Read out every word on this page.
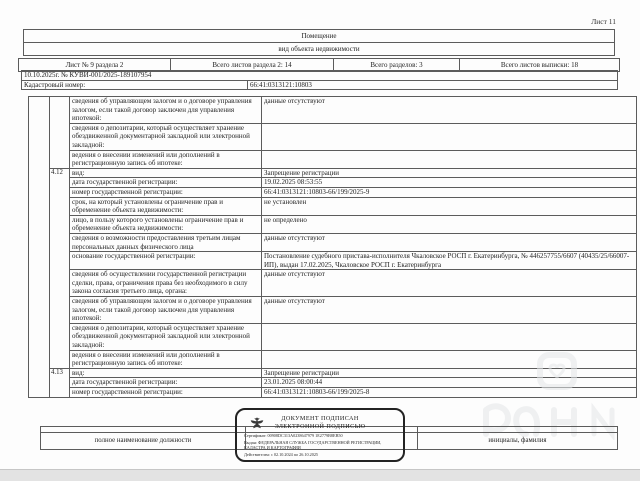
Лист 11
Помещение
вид объекта недвижимости
Лист № 9 раздела 2	Всего листов раздела 2: 14	Всего разделов: 3	Всего листов выписки: 18
10.10.2025г. № КУВИ-001/2025-189107954
Кадастровый номер:	66:41:0313121:10803
		сведения об управляющем залогом и о договоре управления залогом, если такой договор заключен для управления ипотекой:	данные отсутствуют
		сведения о депозитарии, который осуществляет хранение обездвиженной документарной закладной или электронной закладной:	
		ведения о внесении изменений или дополнений в регистрационную запись об ипотеке:	
	4.12	вид:	Запрещение регистрации
		дата государственной регистрации:	19.02.2025 08:53:55
		номер государственной регистрации:	66:41:0313121:10803-66/199/2025-9
		срок, на который установлены ограничение прав и обременение объекта недвижимости:	не установлен
		лицо, в пользу которого установлены ограничение прав и обременение объекта недвижимости:	не определено
		сведения о возможности предоставления третьим лицам персональных данных физического лица	данные отсутствуют
		основание государственной регистрации:	Постановление судебного пристава-исполнителя Чкаловское РОСП г. Екатеринбурга, № 446257755/6607 (40435/25/66007-ИП), выдан 17.02.2025, Чкаловское РОСП г. Екатеринбурга
		сведения об осуществлении государственной регистрации сделки, права, ограничения права без необходимого в силу закона согласия третьего лица, органа:	данные отсутствуют
		сведения об управляющем залогом и о договоре управления залогом, если такой договор заключен для управления ипотекой:	данные отсутствуют
		сведения о депозитарии, который осуществляет хранение обездвиженной документарной закладной или электронной закладной:	
		ведения о внесении изменений или дополнений в регистрационную запись об ипотеке:	
	4.13	вид:	Запрещение регистрации
		дата государственной регистрации:	23.01.2025 08:00:44
		номер государственной регистрации:	66:41:0313121:10803-66/199/2025-8

полное наименование должности		инициалы, фамилия
ДОКУМЕНТ ПОДПИСАН
ЭЛЕКТРОННОЙ ПОДПИСЬЮ
Сертификат: 00908DC313A0238647979 1E2779B8EB50
Выдан: ФЕДЕРАЛЬНАЯ СЛУЖБА ГОСУДАРСТВЕННОЙ РЕГИСТРАЦИИ, КАДАСТРА И КАРТОГРАФИИ
Действителен: с 02.10.2024 по 26.10.2025
